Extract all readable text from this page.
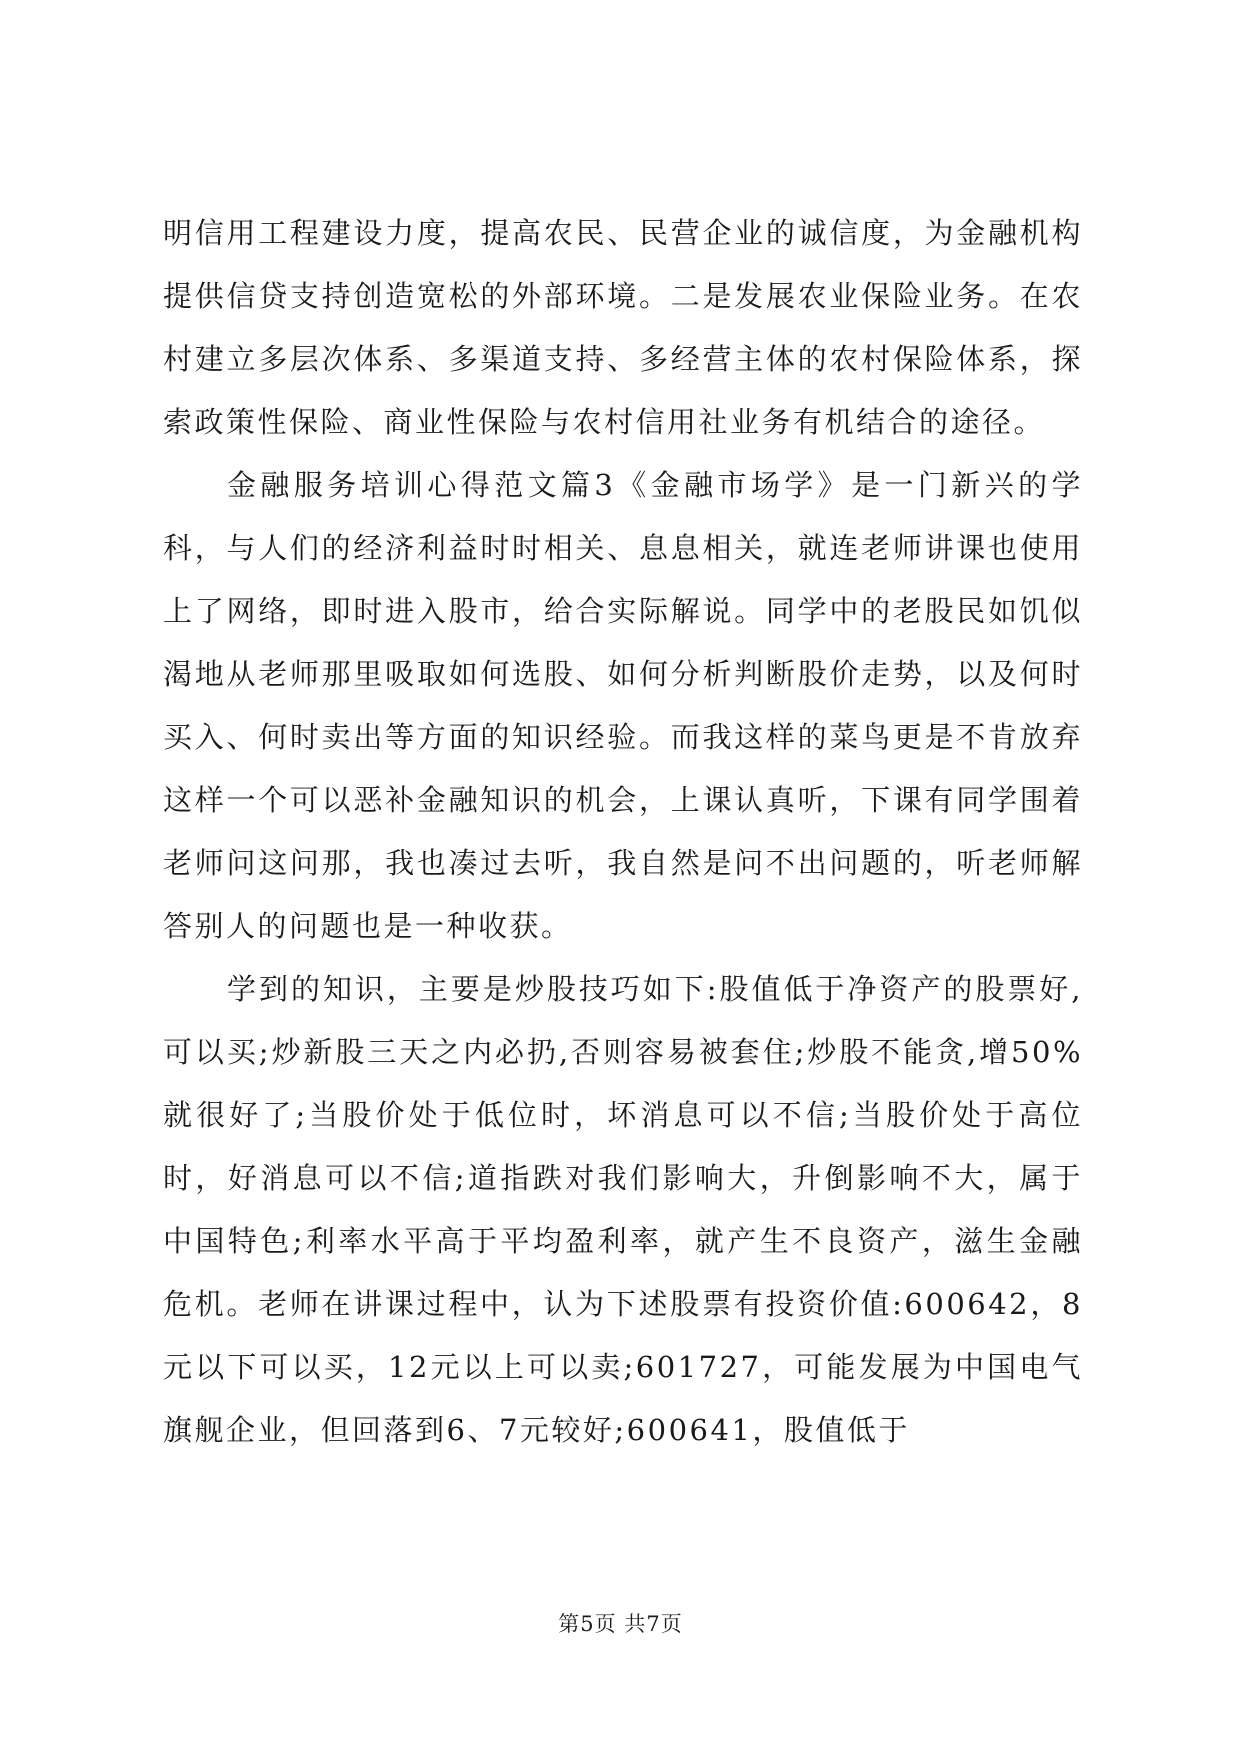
明信用工程建设力度，提高农民、民营企业的诚信度，为金融机构提供信贷支持创造宽松的外部环境。二是发展农业保险业务。在农村建立多层次体系、多渠道支持、多经营主体的农村保险体系，探索政策性保险、商业性保险与农村信用社业务有机结合的途径。

金融服务培训心得范文篇3《金融市场学》是一门新兴的学科，与人们的经济利益时时相关、息息相关，就连老师讲课也使用上了网络，即时进入股市，给合实际解说。同学中的老股民如饥似渴地从老师那里吸取如何选股、如何分析判断股价走势，以及何时买入、何时卖出等方面的知识经验。而我这样的菜鸟更是不肯放弃这样一个可以恶补金融知识的机会，上课认真听，下课有同学围着老师问这问那，我也凑过去听，我自然是问不出问题的，听老师解答别人的问题也是一种收获。

学到的知识，主要是炒股技巧如下:股值低于净资产的股票好,可以买;炒新股三天之内必扔,否则容易被套住;炒股不能贪,增50%就很好了;当股价处于低位时，坏消息可以不信;当股价处于高位时，好消息可以不信;道指跌对我们影响大，升倒影响不大，属于中国特色;利率水平高于平均盈利率，就产生不良资产，滋生金融危机。老师在讲课过程中，认为下述股票有投资价值:600642，8元以下可以买，12元以上可以卖;601727，可能发展为中国电气旗舰企业，但回落到6、7元较好;600641，股值低于

第5页 共7页
